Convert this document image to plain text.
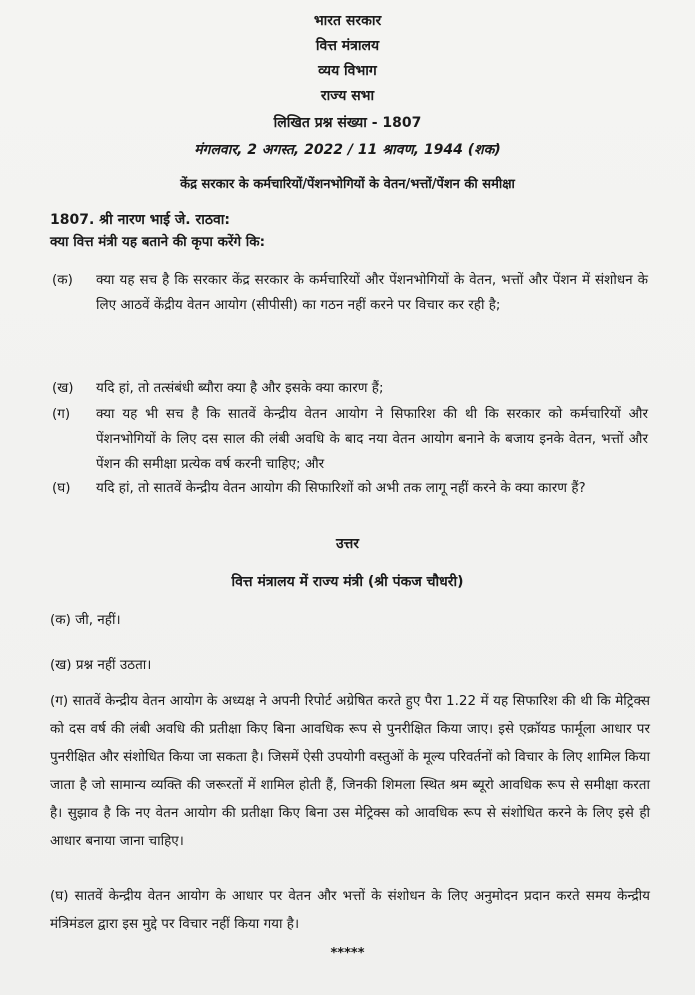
भारत सरकार
वित्त मंत्रालय
व्यय विभाग
राज्य सभा
लिखित प्रश्न संख्या - 1807
मंगलवार, 2 अगस्त, 2022 / 11 श्रावण, 1944 (शक)
केंद्र सरकार के कर्मचारियों/पेंशनभोगियों के वेतन/भत्तों/पेंशन की समीक्षा
1807. श्री नारण भाई जे. राठवा:
क्या वित्त मंत्री यह बताने की कृपा करेंगे कि:
(क) क्या यह सच है कि सरकार केंद्र सरकार के कर्मचारियों और पेंशनभोगियों के वेतन, भत्तों और पेंशन में संशोधन के लिए आठवें केंद्रीय वेतन आयोग (सीपीसी) का गठन नहीं करने पर विचार कर रही है;
(ख) यदि हां, तो तत्संबंधी ब्यौरा क्या है और इसके क्या कारण हैं;
(ग) क्या यह भी सच है कि सातवें केन्द्रीय वेतन आयोग ने सिफारिश की थी कि सरकार को कर्मचारियों और पेंशनभोगियों के लिए दस साल की लंबी अवधि के बाद नया वेतन आयोग बनाने के बजाय इनके वेतन, भत्तों और पेंशन की समीक्षा प्रत्येक वर्ष करनी चाहिए; और
(घ) यदि हां, तो सातवें केन्द्रीय वेतन आयोग की सिफारिशों को अभी तक लागू नहीं करने के क्या कारण हैं?
उत्तर
वित्त मंत्रालय में राज्य मंत्री (श्री पंकज चौधरी)
(क) जी, नहीं।
(ख) प्रश्न नहीं उठता।
(ग) सातवें केन्द्रीय वेतन आयोग के अध्यक्ष ने अपनी रिपोर्ट अग्रेषित करते हुए पैरा 1.22 में यह सिफारिश की थी कि मेट्रिक्स को दस वर्ष की लंबी अवधि की प्रतीक्षा किए बिना आवधिक रूप से पुनरीक्षित किया जाए। इसे एक्रॉयड फार्मूला आधार पर पुनरीक्षित और संशोधित किया जा सकता है। जिसमें ऐसी उपयोगी वस्तुओं के मूल्य परिवर्तनों को विचार के लिए शामिल किया जाता है जो सामान्य व्यक्ति की जरूरतों में शामिल होती हैं, जिनकी शिमला स्थित श्रम ब्यूरो आवधिक रूप से समीक्षा करता है। सुझाव है कि नए वेतन आयोग की प्रतीक्षा किए बिना उस मेट्रिक्स को आवधिक रूप से संशोधित करने के लिए इसे ही आधार बनाया जाना चाहिए।
(घ) सातवें केन्द्रीय वेतन आयोग के आधार पर वेतन और भत्तों के संशोधन के लिए अनुमोदन प्रदान करते समय केन्द्रीय मंत्रिमंडल द्वारा इस मुद्दे पर विचार नहीं किया गया है।
*****
